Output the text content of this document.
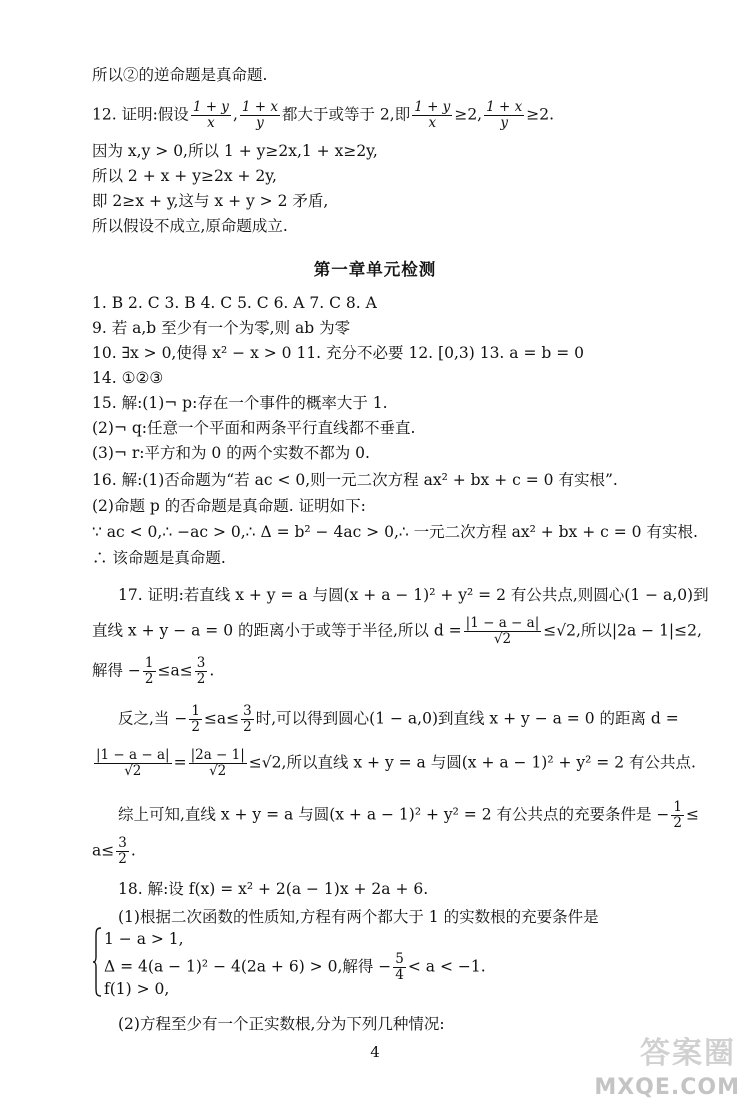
所以②的逆命题是真命题.
12. 证明:假设 $\frac{1 + y}{x}$ , $\frac{1 + x}{y}$ 都大于或等于 2,即 $\frac{1 + y}{x} \ge 2$, $\frac{1 + x}{y} \ge 2$.
因为 x,y > 0,所以 1 + y≥2x,1 + x≥2y,
所以 2 + x + y≥2x + 2y,
即 2≥x + y,这与 x + y > 2 矛盾,
所以假设不成立,原命题成立.
第一章单元检测
1. B 2. C 3. B 4. C 5. C 6. A 7. C 8. A
9. 若 a,b 至少有一个为零,则 ab 为零
10. ∃x > 0,使得 x² − x > 0 11. 充分不必要 12. [0,3) 13. a = b = 0
14. ①②③
15. 解:(1)¬ p:存在一个事件的概率大于 1.
(2)¬ q:任意一个平面和两条平行直线都不垂直.
(3)¬ r:平方和为 0 的两个实数不都为 0.
16. 解:(1)否命题为“若 ac < 0,则一元二次方程 ax² + bx + c = 0 有实根”.
(2)命题 p 的否命题是真命题. 证明如下:
∵ ac < 0,∴ −ac > 0,∴ Δ = b² − 4ac > 0,∴ 一元二次方程 ax² + bx + c = 0 有实根.
∴ 该命题是真命题.
17. 证明:若直线 x + y = a 与圆(x + a − 1)² + y² = 2 有公共点,则圆心(1 − a,0)到
直线 x + y − a = 0 的距离小于或等于半径,所以 $d = \frac{|1 - a - a|}{√2} \le√2$,所以|2a − 1|≤2,
解得 − $\frac{1}{2} \le a\le \frac{3}{2}$ .
反之,当 − $\frac{1}{2} \le a\le \frac{3}{2}$ 时,可以得到圆心(1 − a,0)到直线 x + y − a = 0 的距离 d =
$\frac{|1 - a - a|}{√2} = \frac{|2a - 1|}{√2} \le√2$,所以直线 x + y = a 与圆(x + a − 1)² + y² = 2 有公共点.
综上可知,直线 x + y = a 与圆(x + a − 1)² + y² = 2 有公共点的充要条件是 − $\frac{1}{2}$ ≤
$a\le \frac{3}{2}$ .
18. 解:设 f(x) = x² + 2(a − 1)x + 2a + 6.
(1)根据二次函数的性质知,方程有两个都大于 1 的实数根的充要条件是
1 − a > 1,
Δ = 4(a − 1)² − 4(2a + 6) > 0,解得 − $\frac{5}{4} < a < -1$.
f(1) > 0,
(2)方程至少有一个正实数根,分为下列几种情况:
4	答案圈
MXQE.COM
